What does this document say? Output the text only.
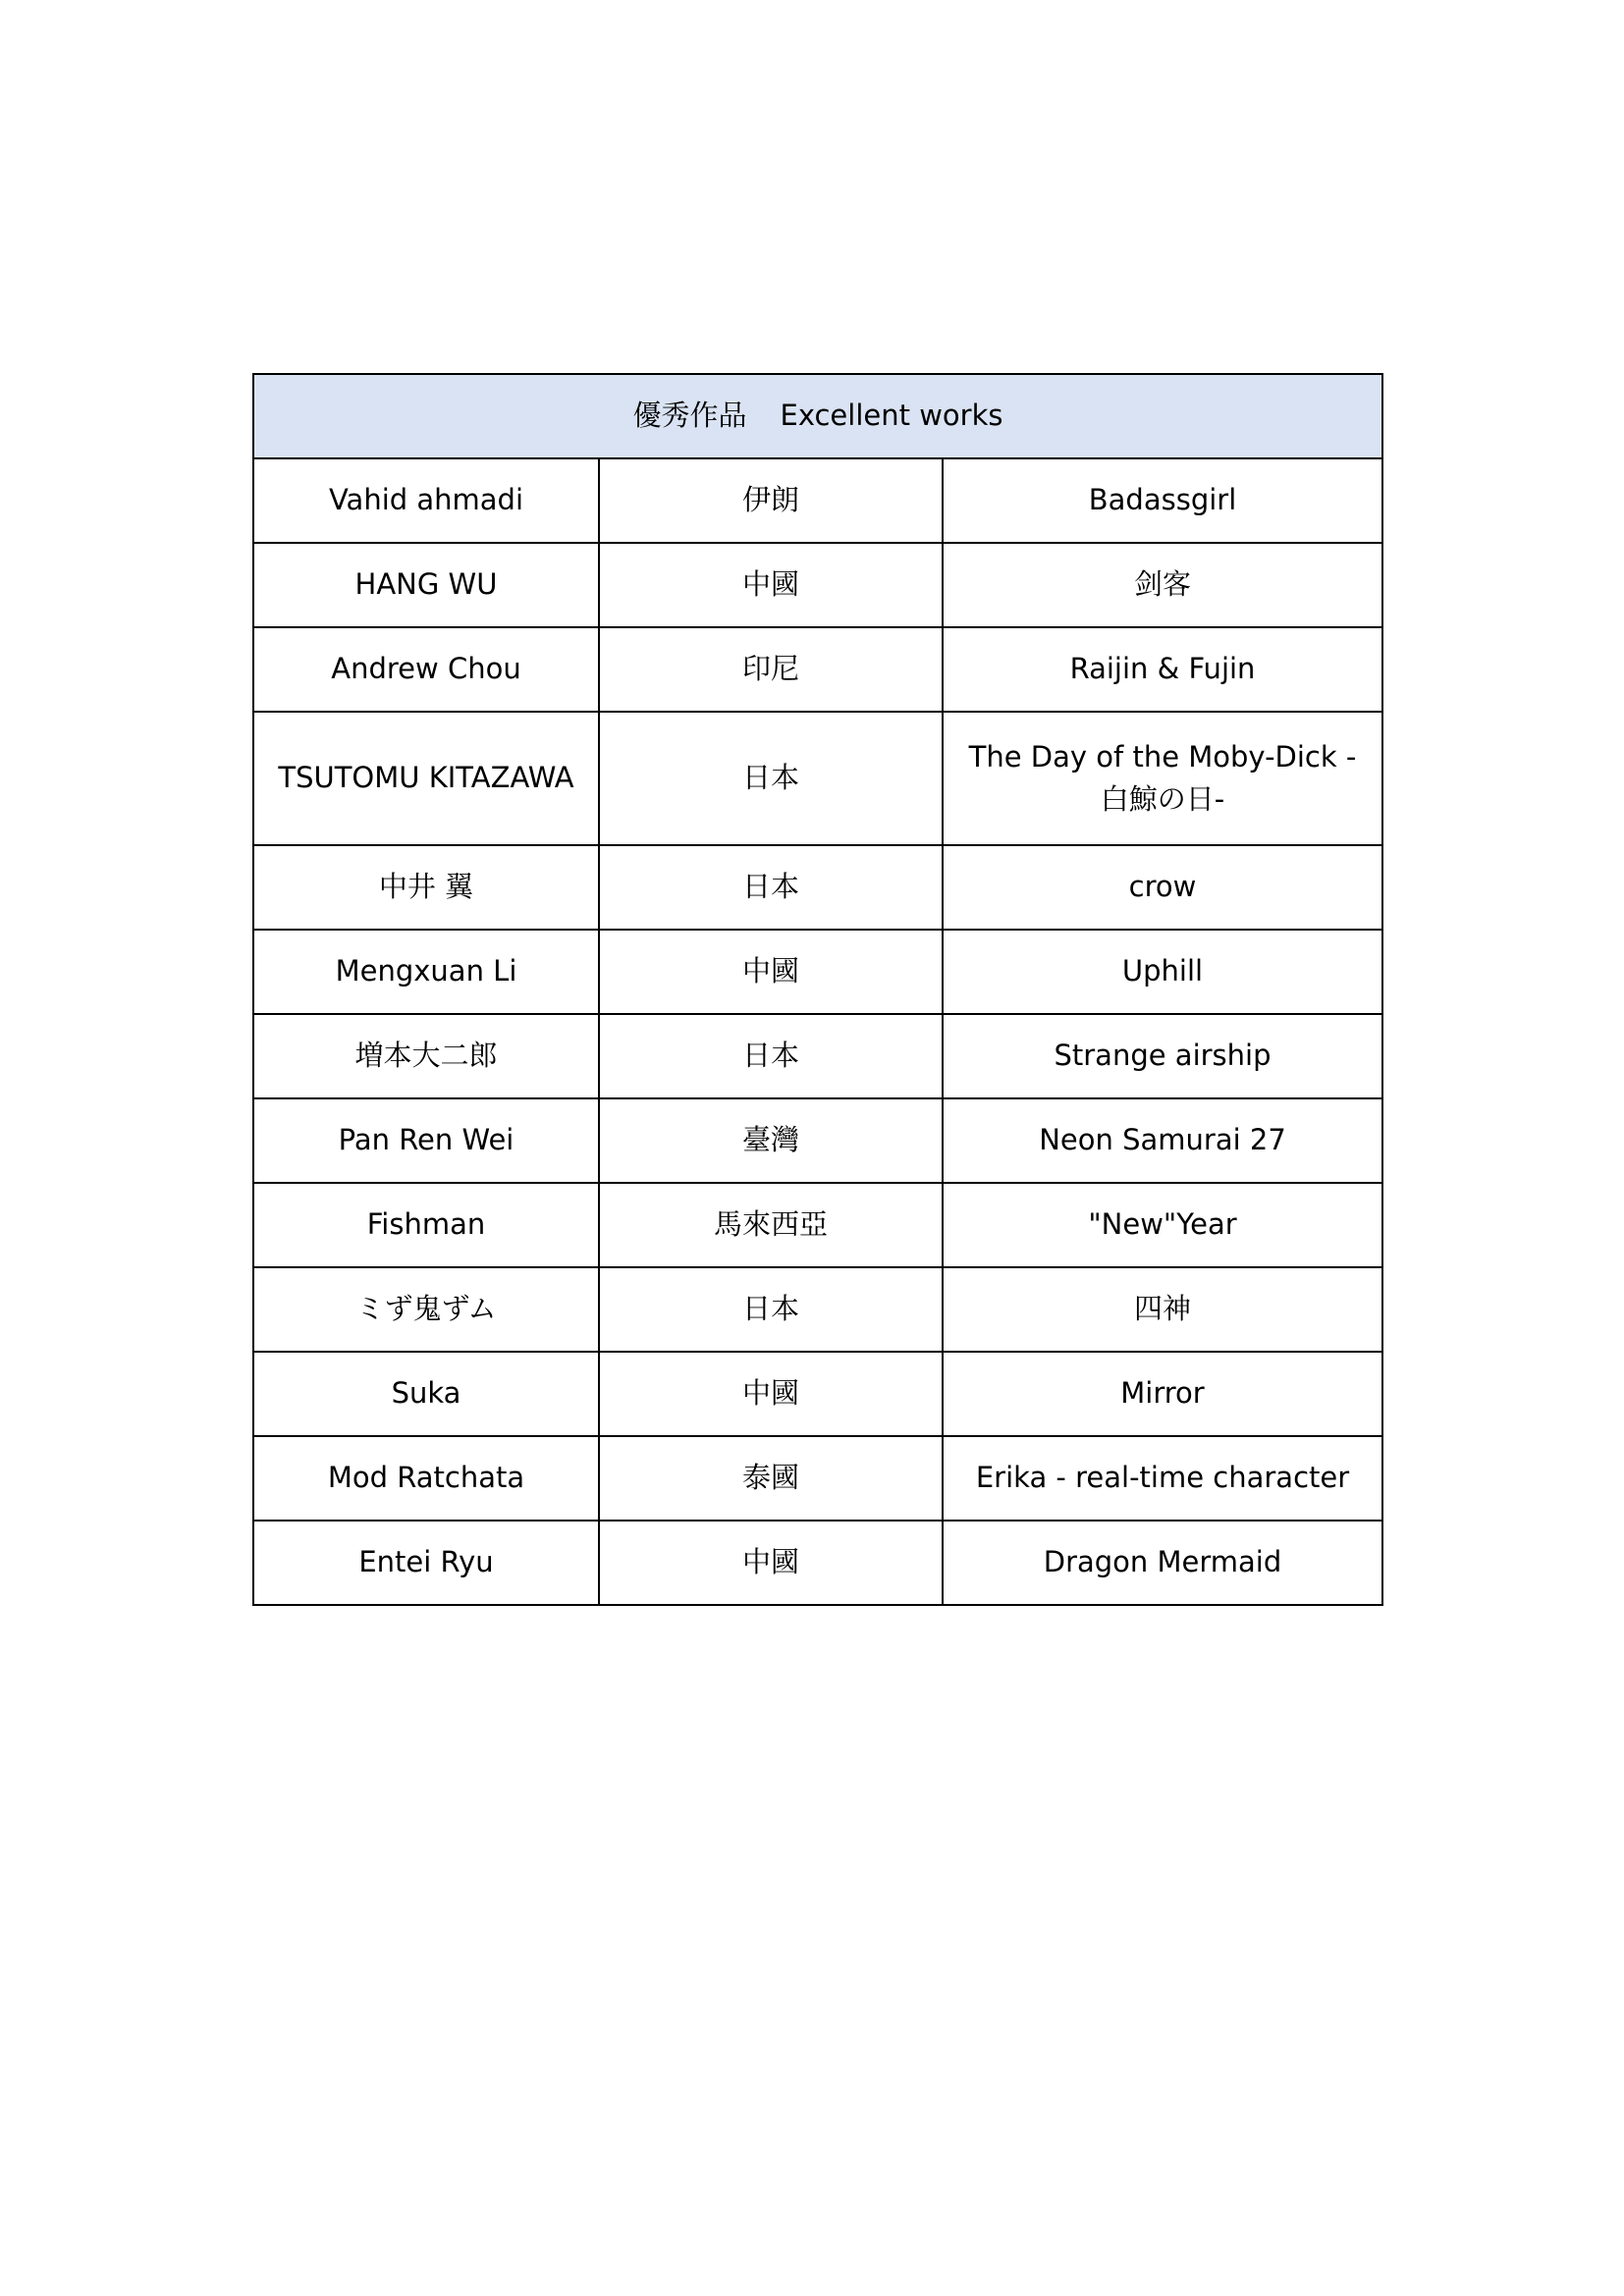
優秀作品 Excellent works		
Vahid ahmadi	伊朗	Badassgirl
HANG WU	中國	剑客
Andrew Chou	印尼	Raijin & Fujin
TSUTOMU KITAZAWA	日本	The Day of the Moby-Dick -白鯨の日-
中井 翼	日本	crow
Mengxuan Li	中國	Uphill
増本大二郎	日本	Strange airship
Pan Ren Wei	臺灣	Neon Samurai 27
Fishman	馬來西亞	"New"Year
ミず鬼ずム	日本	四神
Suka	中國	Mirror
Mod Ratchata	泰國	Erika - real-time character
Entei Ryu	中國	Dragon Mermaid
